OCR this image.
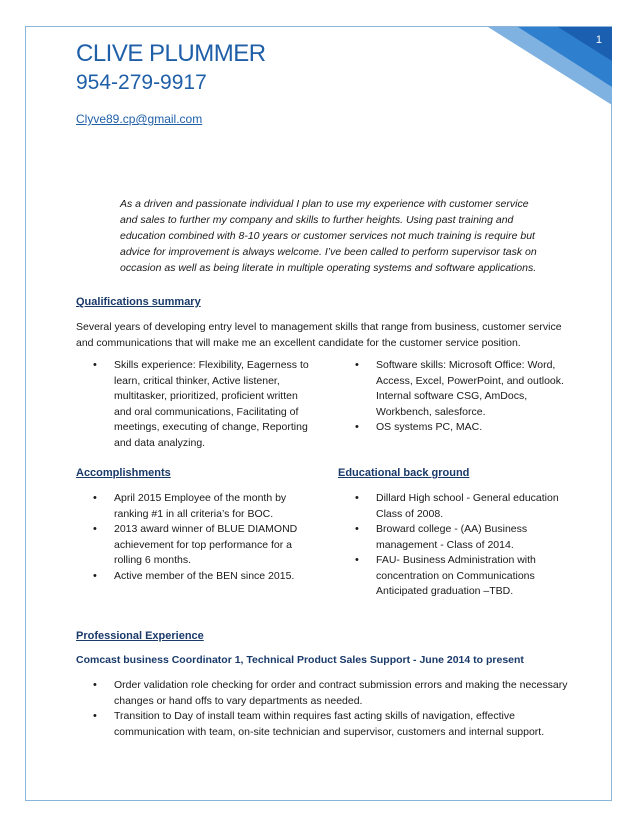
1
CLIVE PLUMMER
954-279-9917
Clyve89.cp@gmail.com
As a driven and passionate individual I plan to use my experience with customer service and sales to further my company and skills to further heights. Using past training and education combined with 8-10 years or customer services not much training is require but advice for improvement is always welcome. I’ve been called to perform supervisor task on occasion as well as being literate in multiple operating systems and software applications.
Qualifications summary
Several years of developing entry level to management skills that range from business, customer service and communications that will make me an excellent candidate for the customer service position.
• Skills experience: Flexibility, Eagerness to learn, critical thinker, Active listener, multitasker, prioritized, proficient written and oral communications, Facilitating of meetings, executing of change, Reporting and data analyzing.
• Software skills: Microsoft Office: Word, Access, Excel, PowerPoint, and outlook. Internal software CSG, AmDocs, Workbench, salesforce.
• OS systems PC, MAC.
Accomplishments
• April 2015 Employee of the month by ranking #1 in all criteria’s for BOC.
• 2013 award winner of BLUE DIAMOND achievement for top performance for a rolling 6 months.
• Active member of the BEN since 2015.
Educational back ground
• Dillard High school - General education Class of 2008.
• Broward college - (AA) Business management - Class of 2014.
• FAU- Business Administration with concentration on Communications Anticipated graduation –TBD.
Professional Experience
Comcast business Coordinator 1, Technical Product Sales Support - June 2014 to present
• Order validation role checking for order and contract submission errors and making the necessary changes or hand offs to vary departments as needed.
• Transition to Day of install team within requires fast acting skills of navigation, effective communication with team, on-site technician and supervisor, customers and internal support.
